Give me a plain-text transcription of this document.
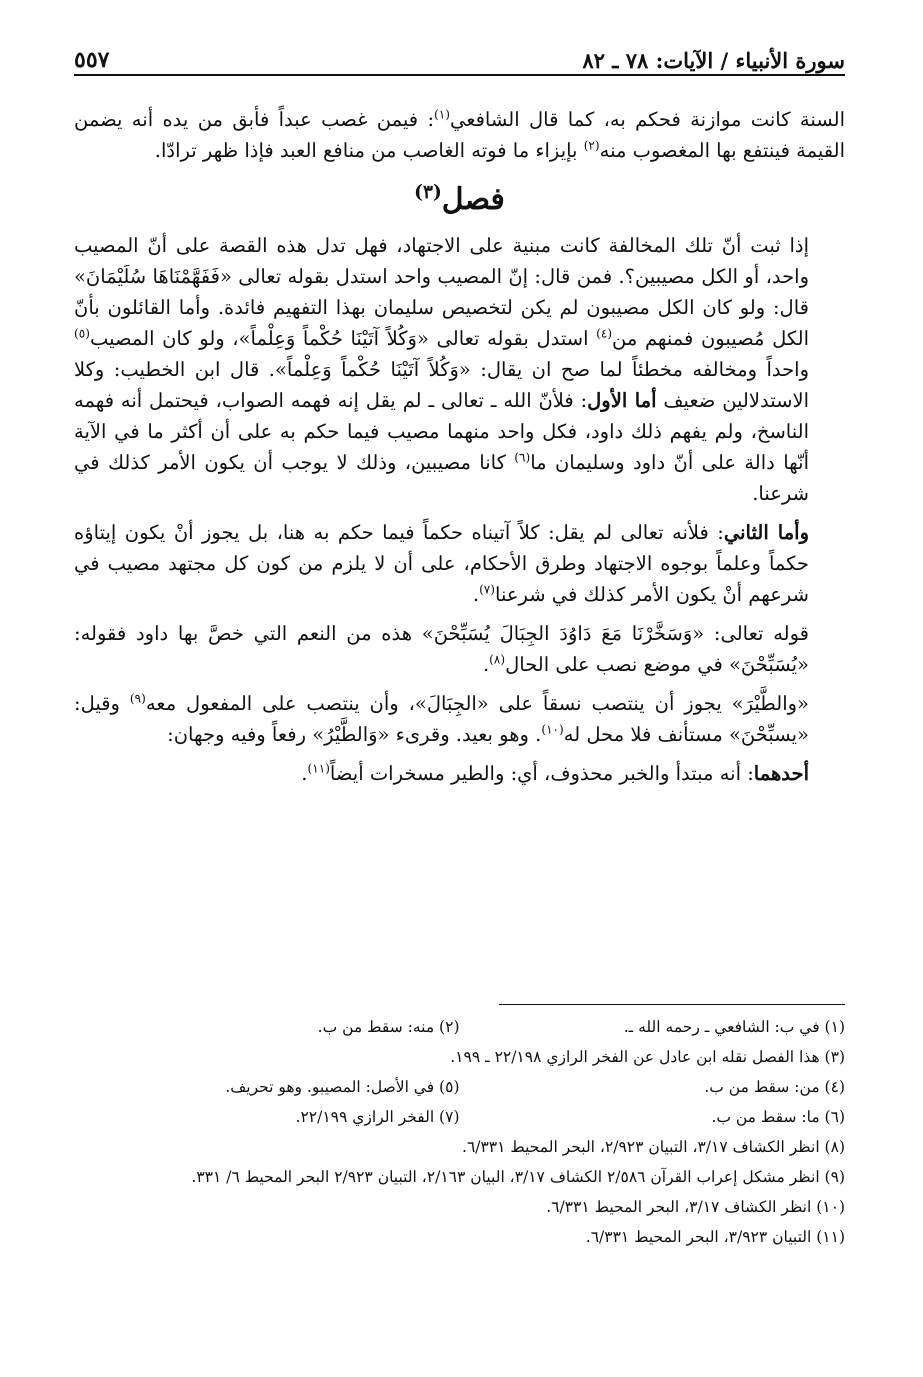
سورة الأنبياء / الآيات: ٧٨ ـ ٨٢
٥٥٧

السنة كانت موازنة فحكم به، كما قال الشافعي$^{(١)}$: فيمن غصب عبداً فأبق من يده أنه يضمن القيمة فينتفع بها المغصوب منه$^{(٢)}$ بإيزاء ما فوته الغاصب من منافع العبد فإذا ظهر ترادّا.

فصل$^{(٣)}$

إذا ثبت أنّ تلك المخالفة كانت مبنية على الاجتهاد، فهل تدل هذه القصة على أنّ المصيب واحد، أو الكل مصيبين؟. فمن قال: إنّ المصيب واحد استدل بقوله تعالى «فَفَهَّمْنَاهَا سُلَيْمَانَ» قال: ولو كان الكل مصيبون لم يكن لتخصيص سليمان بهذا التفهيم فائدة. وأما القائلون بأنّ الكل مُصيبون فمنهم من$^{(٤)}$ استدل بقوله تعالى «وَكُلاً آتَيْنَا حُكْماً وَعِلْماً»، ولو كان المصيب$^{(٥)}$ واحداً ومخالفه مخطئاً لما صح ان يقال: «وَكُلاً آتَيْنَا حُكْماً وَعِلْماً». قال ابن الخطيب: وكلا الاستدلالين ضعيف أما الأول: فلأنّ الله ـ تعالى ـ لم يقل إنه فهمه الصواب، فيحتمل أنه فهمه الناسخ، ولم يفهم ذلك داود، فكل واحد منهما مصيب فيما حكم به على أن أكثر ما في الآية أنّها دالة على أنّ داود وسليمان ما$^{(٦)}$ كانا مصيبين، وذلك لا يوجب أن يكون الأمر كذلك في شرعنا.

وأما الثاني: فلأنه تعالى لم يقل: كلاً آتيناه حكماً فيما حكم به هنا، بل يجوز أنْ يكون إيتاؤه حكماً وعلماً بوجوه الاجتهاد وطرق الأحكام، على أن لا يلزم من كون كل مجتهد مصيب في شرعهم أنْ يكون الأمر كذلك في شرعنا$^{(٧)}$.

قوله تعالى: «وَسَخَّرْنَا مَعَ دَاوُدَ الجِبَالَ يُسَبِّحْنَ» هذه من النعم التي خصَّ بها داود فقوله: «يُسَبِّحْنَ» في موضع نصب على الحال$^{(٨)}$.

«والطَّيْرَ» يجوز أن ينتصب نسقاً على «الجِبَالَ»، وأن ينتصب على المفعول معه$^{(٩)}$ وقيل: «يسبِّحْنَ» مستأنف فلا محل له$^{(١٠)}$. وهو بعيد. وقرىء «وَالطَّيْرُ» رفعاً وفيه وجهان:

أحدهما: أنه مبتدأ والخبر محذوف، أي: والطير مسخرات أيضاً$^{(١١)}$.

(١) في ب: الشافعي ـ رحمه الله ـ.
(٢) منه: سقط من ب.

(٣) هذا الفصل نقله ابن عادل عن الفخر الرازي ٢٢/١٩٨ ـ ١٩٩.

(٤) من: سقط من ب.
(٥) في الأصل: المصيبو. وهو تحريف.
(٦) ما: سقط من ب.
(٧) الفخر الرازي ٢٢/١٩٩.

(٨) انظر الكشاف ٣/١٧، التبيان ٢/٩٢٣، البحر المحيط ٦/٣٣١.

(٩) انظر مشكل إعراب القرآن ٢/٥٨٦ الكشاف ٣/١٧، البيان ٢/١٦٣، التبيان ٢/٩٢٣ البحر المحيط ٦/ ٣٣١.

(١٠) انظر الكشاف ٣/١٧، البحر المحيط ٦/٣٣١.

(١١) التبيان ٣/٩٢٣، البحر المحيط ٦/٣٣١.
